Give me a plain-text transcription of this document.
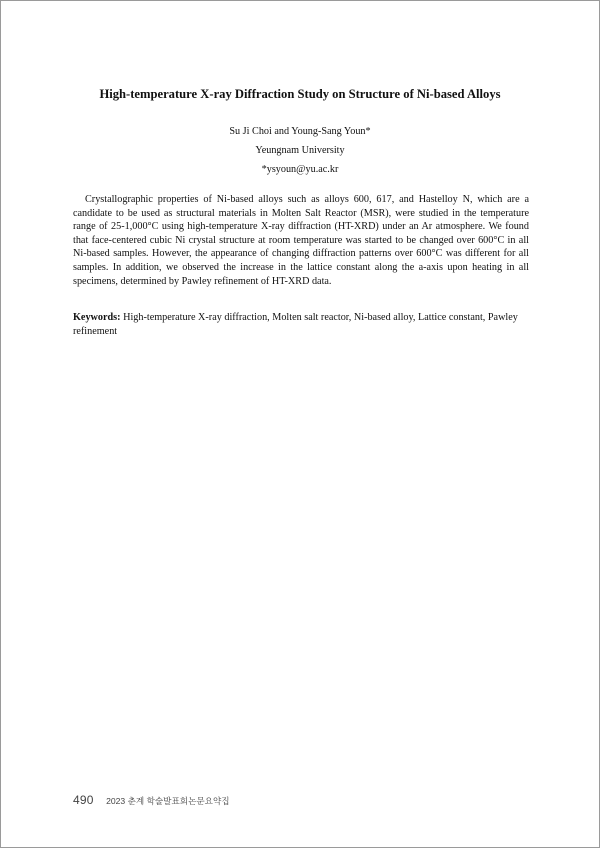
High-temperature X-ray Diffraction Study on Structure of Ni-based Alloys
Su Ji Choi and Young-Sang Youn*
Yeungnam University
*ysyoun@yu.ac.kr

Crystallographic properties of Ni-based alloys such as alloys 600, 617, and Hastelloy N, which are a candidate to be used as structural materials in Molten Salt Reactor (MSR), were studied in the temperature range of 25-1,000°C using high-temperature X-ray diffraction (HT-XRD) under an Ar atmosphere. We found that face-centered cubic Ni crystal structure at room temperature was started to be changed over 600°C in all Ni-based samples. However, the appearance of changing diffraction patterns over 600°C was different for all samples. In addition, we observed the increase in the lattice constant along the a-axis upon heating in all specimens, determined by Pawley refinement of HT-XRD data.

Keywords: High-temperature X-ray diffraction, Molten salt reactor, Ni-based alloy, Lattice constant, Pawley refinement

490 2023 춘계 학술발표회논문요약집
